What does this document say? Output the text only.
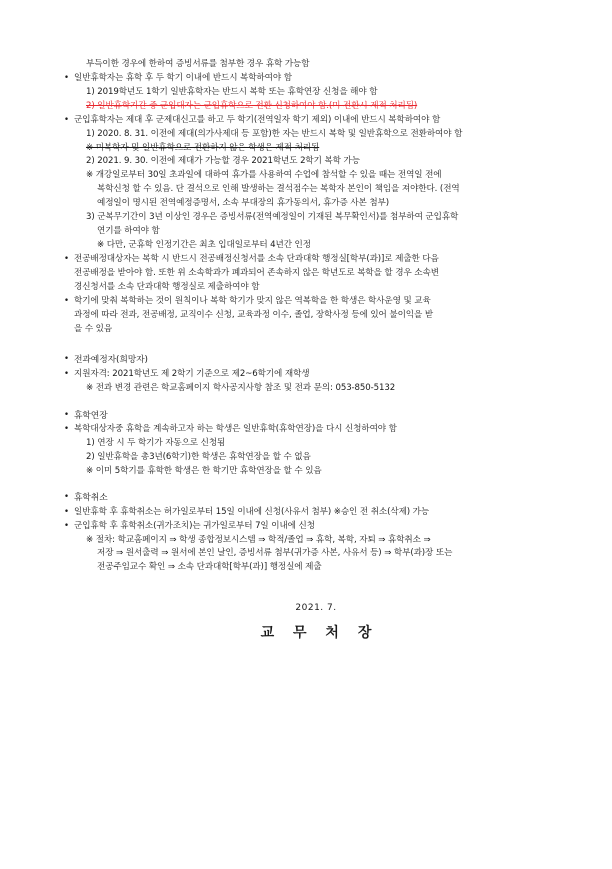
부득이한 경우에 한하여 증빙서류를 첨부한 경우 휴학 가능함
• 일반휴학자는 휴학 후 두 학기 이내에 반드시 복학하여야 함
1) 2019학년도 1학기 일반휴학자는 반드시 복학 또는 휴학연장 신청을 해야 함
2) 일반휴학기간 중 군입대자는 군입휴학으로 전환 신청하여야 함.(미 전환시 제적 처리됨)
• 군입휴학자는 제대 후 군제대신고를 하고 두 학기(전역일자 학기 제외) 이내에 반드시 복학하여야 함
1) 2020. 8. 31. 이전에 제대(의가사제대 등 포함)한 자는 반드시 복학 및 일반휴학으로 전환하여야 함
※ 미복학자 및 일반휴학으로 전환하지 않은 학생은 제적 처리됨
2) 2021. 9. 30. 이전에 제대가 가능할 경우 2021학년도 2학기 복학 가능
※ 개강일로부터 30일 초과일에 대하여 휴가를 사용하여 수업에 참석할 수 있을 때는 전역일 전에
복학신청 할 수 있음. 단 결석으로 인해 발생하는 결석점수는 복학자 본인이 책임을 져야한다. (전역
예정일이 명시된 전역예정증명서, 소속 부대장의 휴가동의서, 휴가증 사본 첨부)
3) 군복무기간이 3년 이상인 경우은 증빙서류(전역예정일이 기재된 복무확인서)를 첨부하여 군입휴학
연기를 하여야 함
※ 다만, 군휴학 인정기간은 최초 입대일로부터 4년간 인정
• 전공배정대상자는 복학 시 반드시 전공배정신청서를 소속 단과대학 행정실[학부(과)]로 제출한 다음
전공배정을 받아야 함. 또한 위 소속학과가 폐과되어 존속하지 않은 학년도로 복학을 할 경우 소속변
경신청서를 소속 단과대학 행정실로 제출하여야 함
• 학기에 맞춰 복학하는 것이 원칙이나 복학 학기가 맞지 않은 역복학을 한 학생은 학사운영 및 교육
과정에 따라 전과, 전공배정, 교직이수 신청, 교육과정 이수, 졸업, 장학사정 등에 있어 불이익을 받
을 수 있음
• 전과예정자(희망자)
• 지원자격: 2021학년도 제 2학기 기준으로 제2~6학기에 재학생
※ 전과 변경 관련은 학교홈페이지 학사공지사항 참조 및 전과 문의: 053-850-5132
• 휴학연장
• 복학대상자중 휴학을 계속하고자 하는 학생은 일반휴학(휴학연장)을 다시 신청하여야 함
1) 연장 시 두 학기가 자동으로 신청됨
2) 일반휴학을 총3년(6학기)한 학생은 휴학연장을 할 수 없음
※ 이미 5학기를 휴학한 학생은 한 학기만 휴학연장을 할 수 있음
• 휴학취소
• 일반휴학 후 휴학취소는 허가일로부터 15일 이내에 신청(사유서 첨부) ※승인 전 취소(삭제) 가능
• 군입휴학 후 휴학취소(귀가조치)는 귀가일로부터 7일 이내에 신청
※ 절차: 학교홈페이지 ⇒ 학생 종합정보시스템 ⇒ 학적/졸업 ⇒ 휴학, 복학, 자퇴 ⇒ 휴학취소 ⇒
저장 ⇒ 원서출력 ⇒ 원서에 본인 날인, 증빙서류 첨부(귀가증 사본, 사유서 등) ⇒ 학부(과)장 또는
전공주임교수 확인 ⇒ 소속 단과대학[학부(과)] 행정실에 제출
2021. 7.
교 무 처 장
